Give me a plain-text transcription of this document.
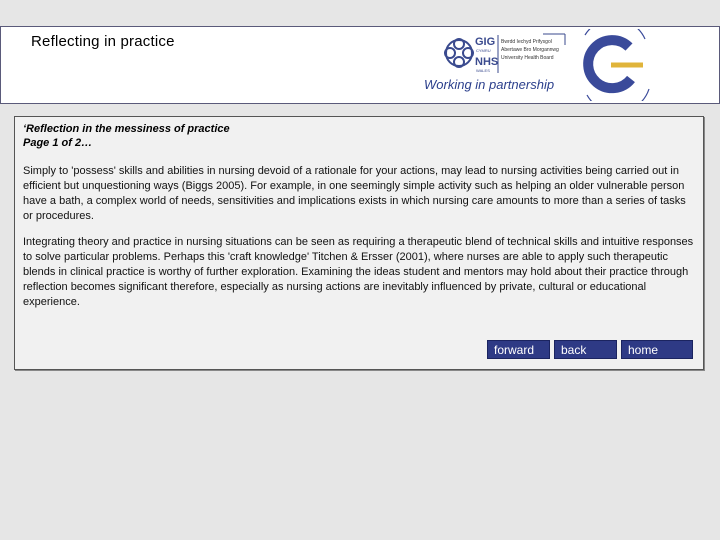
Reflecting in practice	GIG
CYMRU
NHS
WALES
Bwrdd Iechyd Prifysgol
Abertawe Bro Morgannwg
University Health Board
Working in partnership
‘Reflection in the messiness of practice
Page 1 of 2…

Simply to 'possess' skills and abilities in nursing devoid of a rationale for your actions, may lead to nursing activities being carried out in efficient but unquestioning ways (Biggs 2005). For example, in one seemingly simple activity such as helping an older vulnerable person have a bath, a complex world of needs, sensitivities and implications exists in which nursing care amounts to more than a series of tasks or procedures.

Integrating theory and practice in nursing situations can be seen as requiring a therapeutic blend of technical skills and intuitive responses to solve particular problems. Perhaps this 'craft knowledge' Titchen & Ersser (2001), where nurses are able to apply such therapeutic blends in clinical practice is worthy of further exploration. Examining the ideas student and mentors may hold about their practice through reflection becomes significant therefore, especially as nursing actions are inevitably influenced by private, cultural or educational experience.

forward	back	home
